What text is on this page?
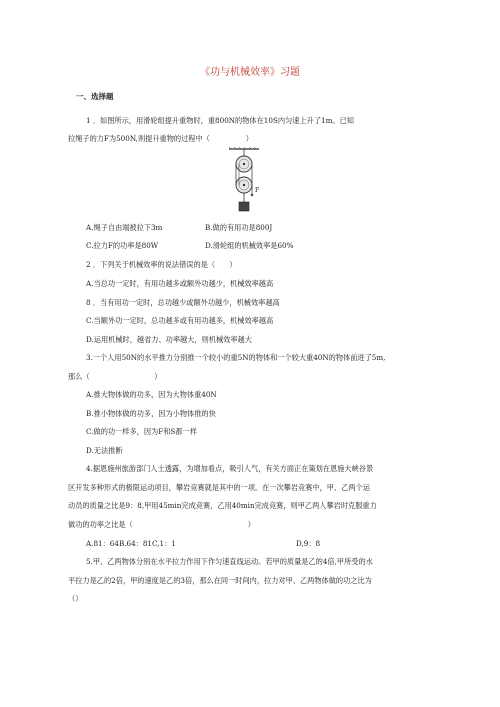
《功与机械效率》习题
一、选择题
1 ．如图所示，用滑轮组提升重物时，重800N的物体在10S内匀速上升了1m。已知
拉绳子的力F为500N,则提升重物的过程中（　　　　　）
F
A.绳子自由端被拉下3m	B.做的有用功是800J
C.拉力F的功率是80W	D.滑轮组的机械效率是60%
2 ．下列关于机械效率的说法错误的是（　　）
A.当总功一定时，有用功越多或额外功越少，机械效率越高
8 ．当有用功一定时，总功越少或额外功越少，机械效率越高
C.当额外功一定时，总功越多或有用功越多，机械效率越高
D.运用机械时，越省力、功率越大，则机械效率越大
3.一个人用50N的水平推力分别推一个较小的重5N的物体和一个较大重40N的物体前进了5m,
那么（　　　　　　　　　）
A.推大物体做的功多，因为大物体重40N
B.推小物体做的功多，因为小物体推的快
C.做的功一样多，因为F和S都一样
D.无法推断
4.据恩施州旅游部门人士透露，为增加看点，吸引人气，有关方面正在策划在恩施大峡谷景
区开发多种形式的极限运动项目，攀岩竞赛就是其中的一项。在一次攀岩竞赛中，甲、乙两个运
动员的质量之比是9：8,甲用45min完成竞赛，乙用40min完成竞赛，则甲乙两人攀岩时克服重力
做功的功率之比是（　　　　　　　　　　　　　　　　）
A.81：64B.64：81C,1：1	D,9：8
5.甲、乙两物体分别在水平拉力作用下作匀速直线运动。若甲的质量是乙的4倍,甲所受的水
平拉力是乙的2倍，甲的速度是乙的3倍，那么在同一时间内，拉力对甲、乙两物体做的功之比为
（）
